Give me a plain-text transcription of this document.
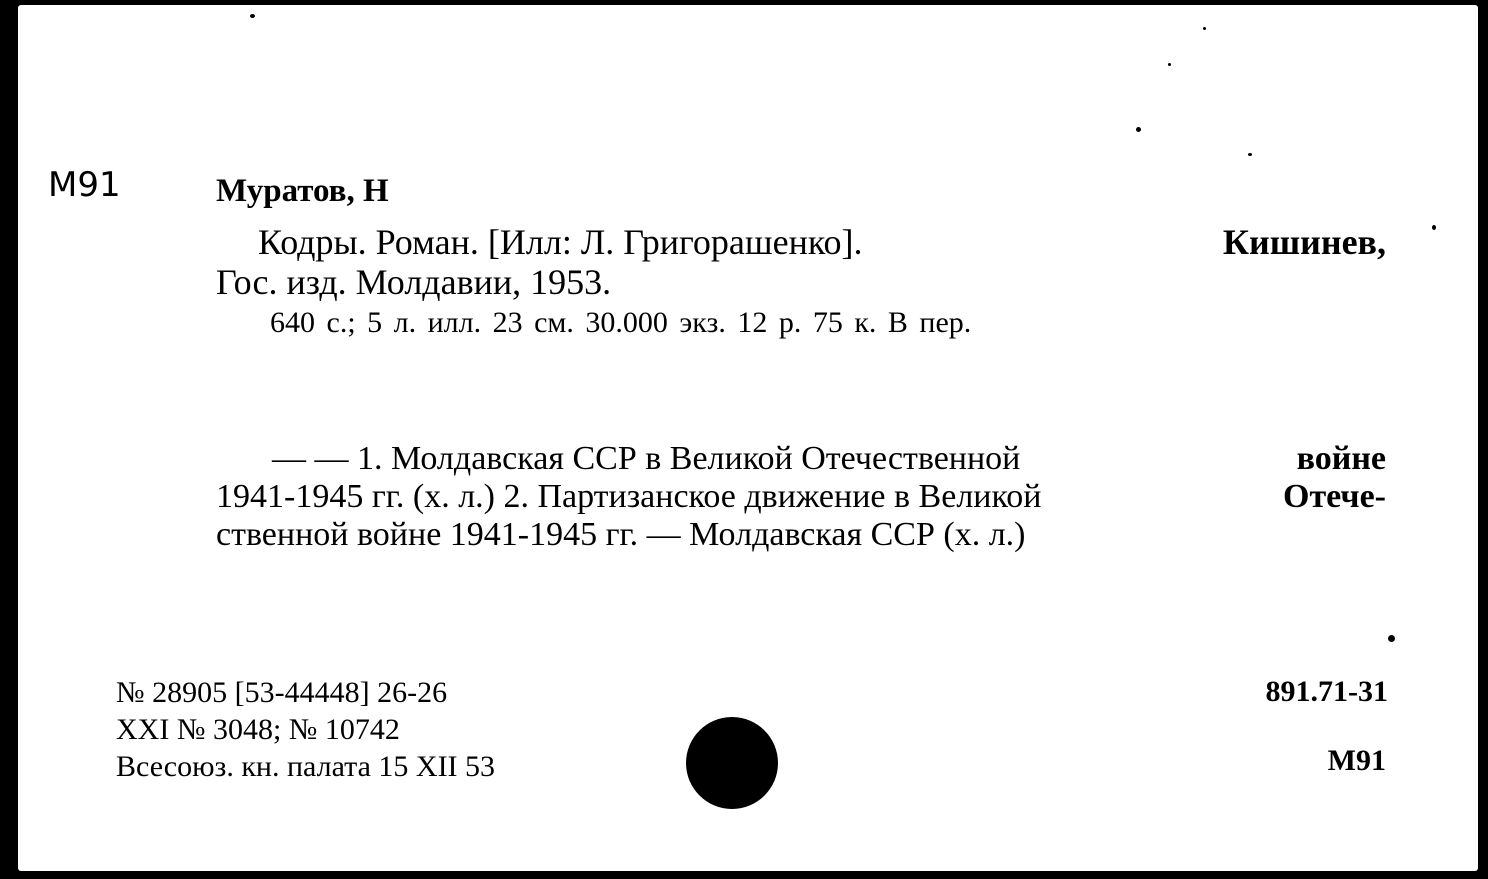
M91	Муратов, Н
Кодры. Роман. [Илл: Л. Григорашенко].	Кишинев,
Гос. изд. Молдавии, 1953.
640 с.; 5 л. илл. 23 см. 30.000 экз. 12 р. 75 к. В пер.
— — 1. Молдавская ССР в Великой Отечественной	войне
1941-1945 гг. (х. л.) 2. Партизанское движение в Великой	Отече-
ственной войне 1941-1945 гг. — Молдавская ССР (х. л.)
№ 28905 [53-44448] 26-26
XXI № 3048; № 10742
Всесоюз. кн. палата 15 XII 53
891.71-31
M91
